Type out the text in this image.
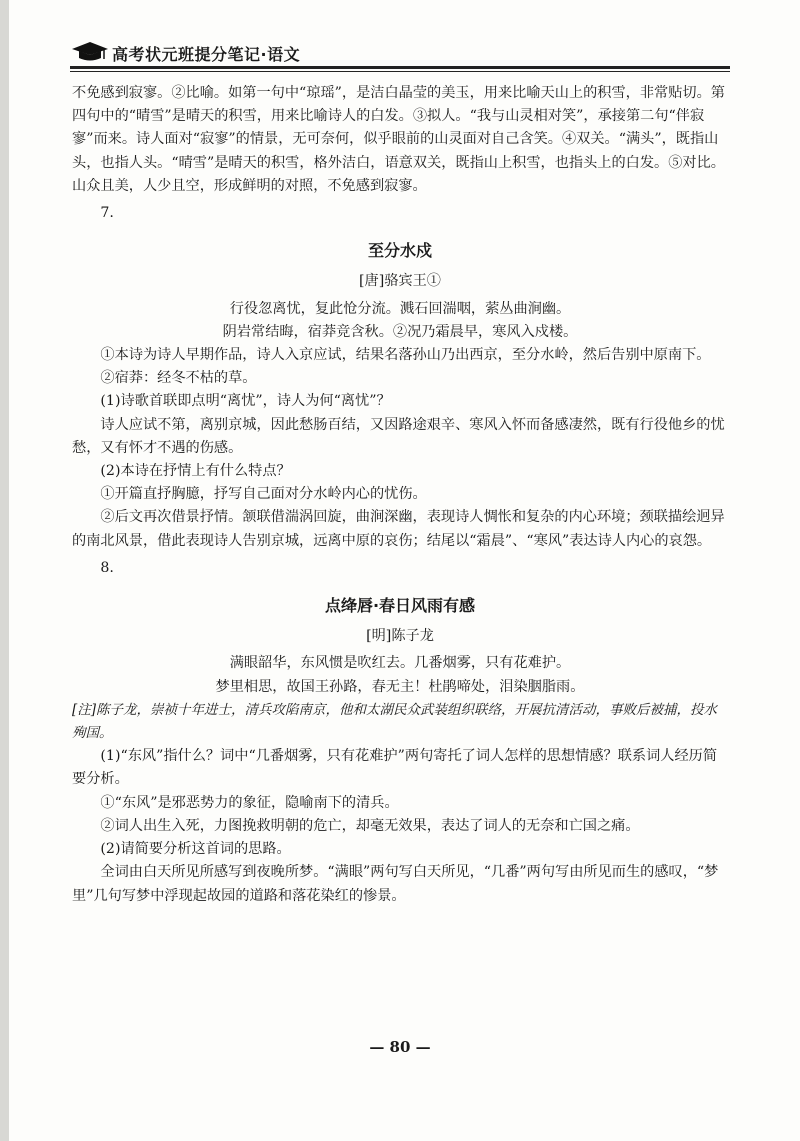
高考状元班提分笔记·语文

不免感到寂寥。②比喻。如第一句中“琼瑶”，是洁白晶莹的美玉，用来比喻天山上的积雪，非常贴切。第四句中的“晴雪”是晴天的积雪，用来比喻诗人的白发。③拟人。“我与山灵相对笑”，承接第二句“伴寂寥”而来。诗人面对“寂寥”的情景，无可奈何，似乎眼前的山灵面对自己含笑。④双关。“满头”，既指山头，也指人头。“晴雪”是晴天的积雪，格外洁白，语意双关，既指山上积雪，也指头上的白发。⑤对比。山众且美，人少且空，形成鲜明的对照，不免感到寂寥。

7.

至分水戍

[唐]骆宾王①

行役忽离忧，复此怆分流。溅石回湍咽，萦丛曲涧幽。

阴岩常结晦，宿莽竞含秋。②况乃霜晨早，寒风入戍楼。

①本诗为诗人早期作品，诗人入京应试，结果名落孙山乃出西京，至分水岭，然后告别中原南下。

②宿莽：经冬不枯的草。

(1)诗歌首联即点明“离忧”，诗人为何“离忧”？

诗人应试不第，离别京城，因此愁肠百结，又因路途艰辛、寒风入怀而备感凄然，既有行役他乡的忧愁，又有怀才不遇的伤感。

(2)本诗在抒情上有什么特点？

①开篇直抒胸臆，抒写自己面对分水岭内心的忧伤。

②后文再次借景抒情。颔联借湍涡回旋，曲涧深幽，表现诗人惆怅和复杂的内心环境；颈联描绘迥异的南北风景，借此表现诗人告别京城，远离中原的哀伤；结尾以“霜晨”、“寒风”表达诗人内心的哀怨。

8.

点绛唇·春日风雨有感

[明]陈子龙

满眼韶华，东风惯是吹红去。几番烟雾，只有花难护。

梦里相思，故国王孙路，春无主！杜鹃啼处，泪染胭脂雨。

[注]陈子龙，崇祯十年进士，清兵攻陷南京，他和太湖民众武装组织联络，开展抗清活动，事败后被捕，投水殉国。

(1)“东风”指什么？词中“几番烟雾，只有花难护”两句寄托了词人怎样的思想情感？联系词人经历简要分析。

①“东风”是邪恶势力的象征，隐喻南下的清兵。

②词人出生入死，力图挽救明朝的危亡，却毫无效果，表达了词人的无奈和亡国之痛。

(2)请简要分析这首词的思路。

全词由白天所见所感写到夜晚所梦。“满眼”两句写白天所见，“几番”两句写由所见而生的感叹，“梦里”几句写梦中浮现起故园的道路和落花染红的惨景。

— 80 —
